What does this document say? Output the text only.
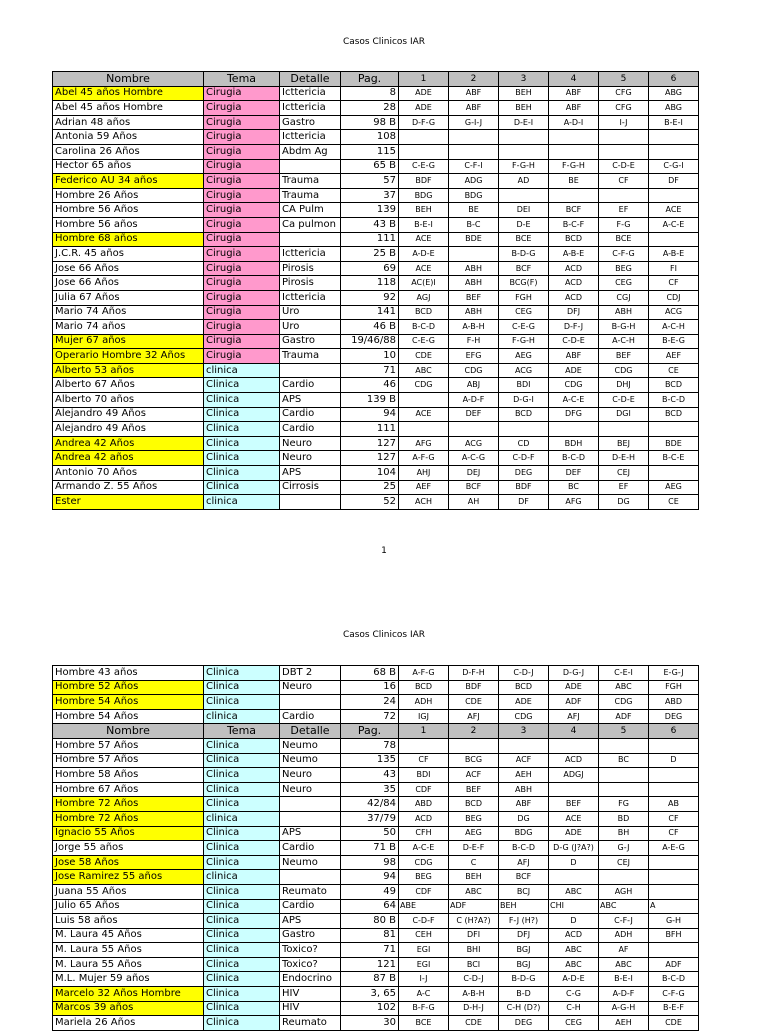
Casos Clinicos IAR
Nombre	Tema	Detalle	Pag.	1	2	3	4	5	6
Abel 45 años Hombre	Cirugia	Icttericia	8	ADE	ABF	BEH	ABF	CFG	ABG
Abel 45 años Hombre	Cirugia	Icttericia	28	ADE	ABF	BEH	ABF	CFG	ABG
Adrian 48 años	Cirugia	Gastro	98 B	D-F-G	G-I-J	D-E-I	A-D-I	I-J	B-E-I
Antonia 59 Años	Cirugia	Icttericia	108						
Carolina 26 Años	Cirugia	Abdm Ag	115						
Hector 65 años	Cirugia		65 B	C-E-G	C-F-I	F-G-H	F-G-H	C-D-E	C-G-I
Federico AU 34 años	Cirugia	Trauma	57	BDF	ADG	AD	BE	CF	DF
Hombre 26 Años	Cirugia	Trauma	37	BDG	BDG				
Hombre 56 Años	Cirugia	CA Pulm	139	BEH	BE	DEI	BCF	EF	ACE
Hombre 56 años	Cirugia	Ca pulmon	43 B	B-E-I	B-C	D-E	B-C-F	F-G	A-C-E
Hombre 68 años	Cirugia		111	ACE	BDE	BCE	BCD	BCE	
J.C.R. 45 años	Cirugia	Icttericia	25 B	A-D-E		B-D-G	A-B-E	C-F-G	A-B-E
Jose 66 Años	Cirugia	Pirosis	69	ACE	ABH	BCF	ACD	BEG	FI
Jose 66 Años	Cirugia	Pirosis	118	AC(E)I	ABH	BCG(F)	ACD	CEG	CF
Julia 67 Años	Cirugia	Icttericia	92	AGJ	BEF	FGH	ACD	CGJ	CDJ
Mario 74 Años	Cirugia	Uro	141	BCD	ABH	CEG	DFJ	ABH	ACG
Mario 74 años	Cirugia	Uro	46 B	B-C-D	A-B-H	C-E-G	D-F-J	B-G-H	A-C-H
Mujer 67 años	Cirugia	Gastro	19/46/88	C-E-G	F-H	F-G-H	C-D-E	A-C-H	B-E-G
Operario Hombre 32 Años	Cirugia	Trauma	10	CDE	EFG	AEG	ABF	BEF	AEF
Alberto 53 años	clinica		71	ABC	CDG	ACG	ADE	CDG	CE
Alberto 67 Años	Clinica	Cardio	46	CDG	ABJ	BDI	CDG	DHJ	BCD
Alberto 70 años	Clinica	APS	139 B		A-D-F	D-G-I	A-C-E	C-D-E	B-C-D
Alejandro 49 Años	Clinica	Cardio	94	ACE	DEF	BCD	DFG	DGI	BCD
Alejandro 49 Años	Clinica	Cardio	111						
Andrea 42 Años	Clinica	Neuro	127	AFG	ACG	CD	BDH	BEJ	BDE
Andrea 42 años	Clinica	Neuro	127	A-F-G	A-C-G	C-D-F	B-C-D	D-E-H	B-C-E
Antonio 70 Años	Clinica	APS	104	AHJ	DEJ	DEG	DEF	CEJ	
Armando Z. 55 Años	Clinica	Cirrosis	25	AEF	BCF	BDF	BC	EF	AEG
Ester	clinica		52	ACH	AH	DF	AFG	DG	CE
1
Casos Clinicos IAR
Hombre 43 años	Clinica	DBT 2	68 B	A-F-G	D-F-H	C-D-J	D-G-J	C-E-I	E-G-J
Hombre 52 Años	Clinica	Neuro	16	BCD	BDF	BCD	ADE	ABC	FGH
Hombre 54 Años	Clinica		24	ADH	CDE	ADE	ADF	CDG	ABD
Hombre 54 Años	clinica	Cardio	72	IGJ	AFJ	CDG	AFJ	ADF	DEG
Nombre	Tema	Detalle	Pag.	1	2	3	4	5	6
Hombre 57 Años	Clinica	Neumo	78						
Hombre 57 Años	Clinica	Neumo	135	CF	BCG	ACF	ACD	BC	D
Hombre 58 Años	Clinica	Neuro	43	BDI	ACF	AEH	ADGJ		
Hombre 67 Años	Clinica	Neuro	35	CDF	BEF	ABH			
Hombre 72 Años	Clinica		42/84	ABD	BCD	ABF	BEF	FG	AB
Hombre 72 Años	clinica		37/79	ACD	BEG	DG	ACE	BD	CF
Ignacio 55 Años	Clinica	APS	50	CFH	AEG	BDG	ADE	BH	CF
Jorge 55 años	Clinica	Cardio	71 B	A-C-E	D-E-F	B-C-D	D-G (J?A?)	G-J	A-E-G
Jose 58 Años	Clinica	Neumo	98	CDG	C	AFJ	D	CEJ	
Jose Ramirez 55 años	clinica		94	BEG	BEH	BCF			
Juana 55 Años	Clinica	Reumato	49	CDF	ABC	BCJ	ABC	AGH	
Julio 65 Años	Clinica	Cardio	64	ABE	ADF	BEH	CHI	ABC	A
Luis 58 años	Clinica	APS	80 B	C-D-F	C (H?A?)	F-J (H?)	D	C-F-J	G-H
M. Laura 45 Años	Clinica	Gastro	81	CEH	DFI	DFJ	ACD	ADH	BFH
M. Laura 55 Años	Clinica	Toxico?	71	EGI	BHI	BGJ	ABC	AF	
M. Laura 55 Años	Clinica	Toxico?	121	EGI	BCI	BGJ	ABC	ABC	ADF
M.L. Mujer 59 años	Clinica	Endocrino	87 B	I-J	C-D-J	B-D-G	A-D-E	B-E-I	B-C-D
Marcelo 32 Años Hombre	Clinica	HIV	3, 65	A-C	A-B-H	B-D	C-G	A-D-F	C-F-G
Marcos 39 años	Clinica	HIV	102	B-F-G	D-H-J	C-H (D?)	C-H	A-G-H	B-E-F
Mariela 26 Años	Clinica	Reumato	30	BCE	CDE	DEG	CEG	AEH	CDE
